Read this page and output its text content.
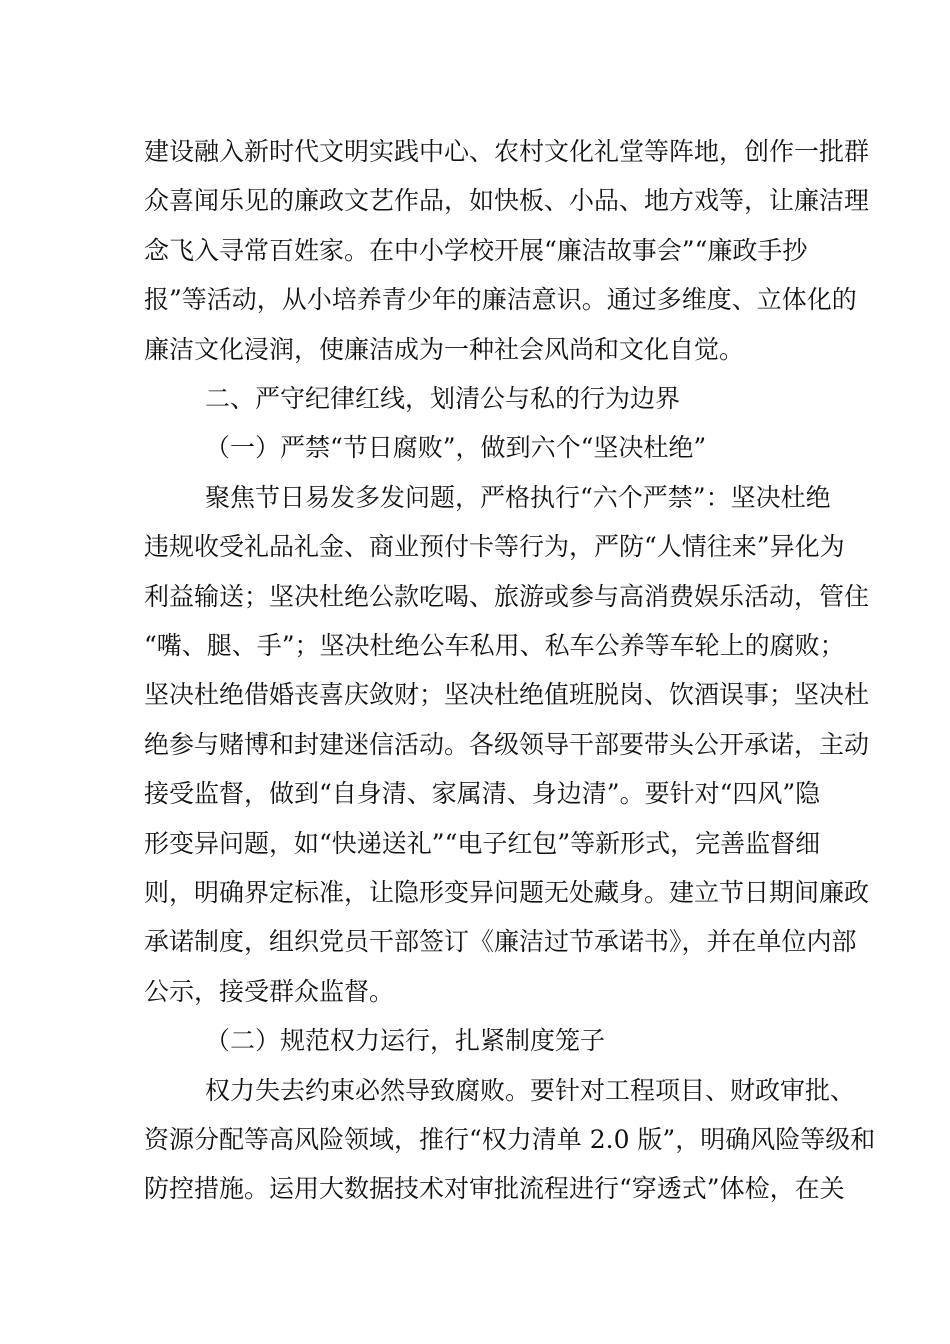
建设融入新时代文明实践中心、农村文化礼堂等阵地，创作一批群
众喜闻乐见的廉政文艺作品，如快板、小品、地方戏等，让廉洁理
念飞入寻常百姓家。在中小学校开展“廉洁故事会”“廉政手抄
报”等活动，从小培养青少年的廉洁意识。通过多维度、立体化的
廉洁文化浸润，使廉洁成为一种社会风尚和文化自觉。
二、严守纪律红线，划清公与私的行为边界
（一）严禁“节日腐败”，做到六个“坚决杜绝”
聚焦节日易发多发问题，严格执行“六个严禁”：坚决杜绝
违规收受礼品礼金、商业预付卡等行为，严防“人情往来”异化为
利益输送；坚决杜绝公款吃喝、旅游或参与高消费娱乐活动，管住
“嘴、腿、手”；坚决杜绝公车私用、私车公养等车轮上的腐败；
坚决杜绝借婚丧喜庆敛财；坚决杜绝值班脱岗、饮酒误事；坚决杜
绝参与赌博和封建迷信活动。各级领导干部要带头公开承诺，主动
接受监督，做到“自身清、家属清、身边清”。要针对“四风”隐
形变异问题，如“快递送礼”“电子红包”等新形式，完善监督细
则，明确界定标准，让隐形变异问题无处藏身。建立节日期间廉政
承诺制度，组织党员干部签订《廉洁过节承诺书》，并在单位内部
公示，接受群众监督。
（二）规范权力运行，扎紧制度笼子
权力失去约束必然导致腐败。要针对工程项目、财政审批、
资源分配等高风险领域，推行“权力清单 2.0 版”，明确风险等级和
防控措施。运用大数据技术对审批流程进行“穿透式”体检，在关
